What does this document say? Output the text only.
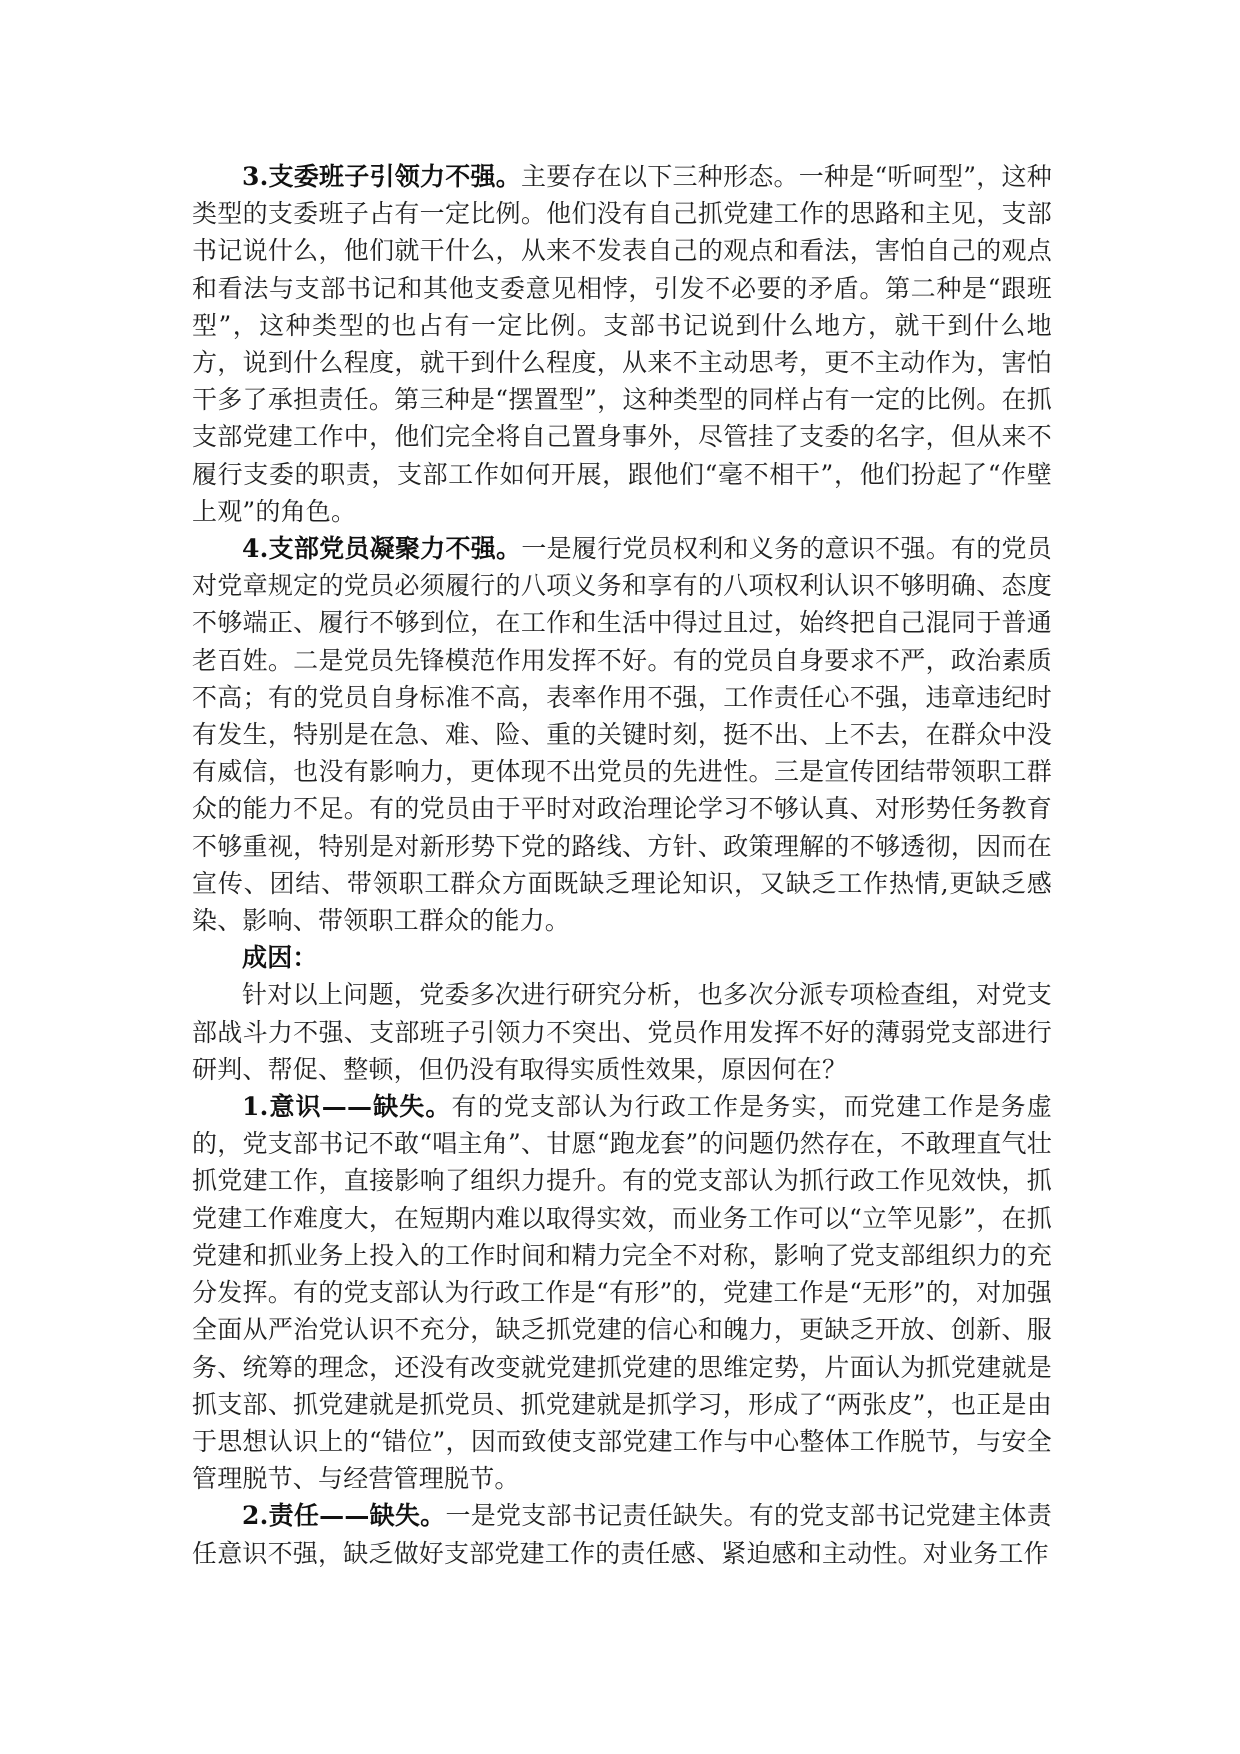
3.支委班子引领力不强。主要存在以下三种形态。一种是“听呵型”，这种类型的支委班子占有一定比例。他们没有自己抓党建工作的思路和主见，支部书记说什么，他们就干什么，从来不发表自己的观点和看法，害怕自己的观点和看法与支部书记和其他支委意见相悖，引发不必要的矛盾。第二种是“跟班型”，这种类型的也占有一定比例。支部书记说到什么地方，就干到什么地方，说到什么程度，就干到什么程度，从来不主动思考，更不主动作为，害怕干多了承担责任。第三种是“摆置型”，这种类型的同样占有一定的比例。在抓支部党建工作中，他们完全将自己置身事外，尽管挂了支委的名字，但从来不履行支委的职责，支部工作如何开展，跟他们“毫不相干”，他们扮起了“作壁上观”的角色。

4.支部党员凝聚力不强。一是履行党员权利和义务的意识不强。有的党员对党章规定的党员必须履行的八项义务和享有的八项权利认识不够明确、态度不够端正、履行不够到位，在工作和生活中得过且过，始终把自己混同于普通老百姓。二是党员先锋模范作用发挥不好。有的党员自身要求不严，政治素质不高；有的党员自身标准不高，表率作用不强，工作责任心不强，违章违纪时有发生，特别是在急、难、险、重的关键时刻，挺不出、上不去，在群众中没有威信，也没有影响力，更体现不出党员的先进性。三是宣传团结带领职工群众的能力不足。有的党员由于平时对政治理论学习不够认真、对形势任务教育不够重视，特别是对新形势下党的路线、方针、政策理解的不够透彻，因而在宣传、团结、带领职工群众方面既缺乏理论知识，又缺乏工作热情,更缺乏感染、影响、带领职工群众的能力。

成因：

针对以上问题，党委多次进行研究分析，也多次分派专项检查组，对党支部战斗力不强、支部班子引领力不突出、党员作用发挥不好的薄弱党支部进行研判、帮促、整顿，但仍没有取得实质性效果，原因何在？

1.意识——缺失。有的党支部认为行政工作是务实，而党建工作是务虚的，党支部书记不敢“唱主角”、甘愿“跑龙套”的问题仍然存在，不敢理直气壮抓党建工作，直接影响了组织力提升。有的党支部认为抓行政工作见效快，抓党建工作难度大，在短期内难以取得实效，而业务工作可以“立竿见影”，在抓党建和抓业务上投入的工作时间和精力完全不对称，影响了党支部组织力的充分发挥。有的党支部认为行政工作是“有形”的，党建工作是“无形”的，对加强全面从严治党认识不充分，缺乏抓党建的信心和魄力，更缺乏开放、创新、服务、统筹的理念，还没有改变就党建抓党建的思维定势，片面认为抓党建就是抓支部、抓党建就是抓党员、抓党建就是抓学习，形成了“两张皮”，也正是由于思想认识上的“错位”，因而致使支部党建工作与中心整体工作脱节，与安全管理脱节、与经营管理脱节。

2.责任——缺失。一是党支部书记责任缺失。有的党支部书记党建主体责任意识不强，缺乏做好支部党建工作的责任感、紧迫感和主动性。对业务工作
